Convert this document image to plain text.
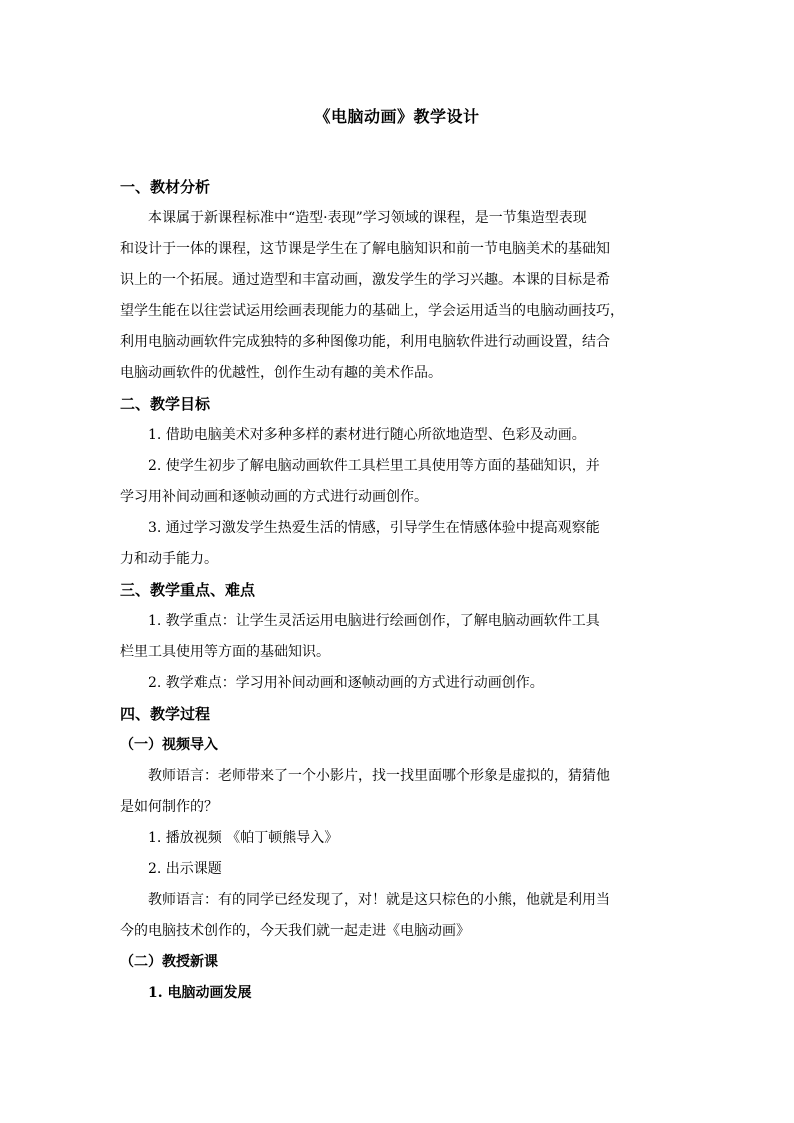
《电脑动画》教学设计
一、教材分析
本课属于新课程标准中“造型·表现”学习领域的课程，是一节集造型表现
和设计于一体的课程，这节课是学生在了解电脑知识和前一节电脑美术的基础知
识上的一个拓展。通过造型和丰富动画，激发学生的学习兴趣。本课的目标是希
望学生能在以往尝试运用绘画表现能力的基础上，学会运用适当的电脑动画技巧，
利用电脑动画软件完成独特的多种图像功能，利用电脑软件进行动画设置，结合
电脑动画软件的优越性，创作生动有趣的美术作品。
二、教学目标
1. 借助电脑美术对多种多样的素材进行随心所欲地造型、色彩及动画。
2. 使学生初步了解电脑动画软件工具栏里工具使用等方面的基础知识，并
学习用补间动画和逐帧动画的方式进行动画创作。
3. 通过学习激发学生热爱生活的情感，引导学生在情感体验中提高观察能
力和动手能力。
三、教学重点、难点
1. 教学重点：让学生灵活运用电脑进行绘画创作，了解电脑动画软件工具
栏里工具使用等方面的基础知识。
2. 教学难点：学习用补间动画和逐帧动画的方式进行动画创作。
四、教学过程
（一）视频导入
教师语言：老师带来了一个小影片，找一找里面哪个形象是虚拟的，猜猜他
是如何制作的？
1. 播放视频 《帕丁顿熊导入》
2. 出示课题
教师语言：有的同学已经发现了，对！就是这只棕色的小熊，他就是利用当
今的电脑技术创作的，今天我们就一起走进《电脑动画》
（二）教授新课
1. 电脑动画发展
